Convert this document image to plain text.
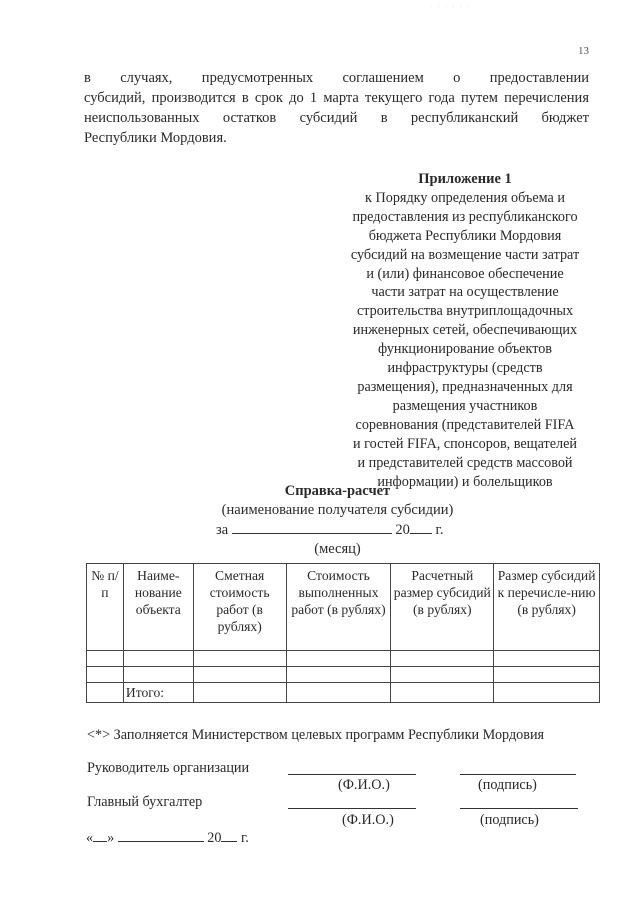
· · · · · ·
13
в случаях, предусмотренных соглашением о предоставлении
субсидий, производится в срок до 1 марта текущего года путем перечисления
неиспользованных остатков субсидий в республиканский бюджет
Республики Мордовия.
Приложение 1
к Порядку определения объема и
предоставления из республиканского
бюджета Республики Мордовия
субсидий на возмещение части затрат
и (или) финансовое обеспечение
части затрат на осуществление
строительства внутриплощадочных
инженерных сетей, обеспечивающих
функционирование объектов
инфраструктуры (средств
размещения), предназначенных для
размещения участников
соревнования (представителей FIFA
и гостей FIFA, спонсоров, вещателей
и представителей средств массовой
информации) и болельщиков
Справка-расчет
(наименование получателя субсидии)
за	20 г.
(месяц)
№ п/п	Наиме-нование объекта	Сметная стоимость работ (в рублях)	Стоимость выполненных работ (в рублях)	Расчетный размер субсидий (в рублях)	Размер субсидий к перечисле-нию (в рублях)

	Итого:				
<*> Заполняется Министерством целевых программ Республики Мордовия
Руководитель организации
(Ф.И.О.)	(подпись)
Главный бухгалтер
(Ф.И.О.)	(подпись)
« »	20 г.
